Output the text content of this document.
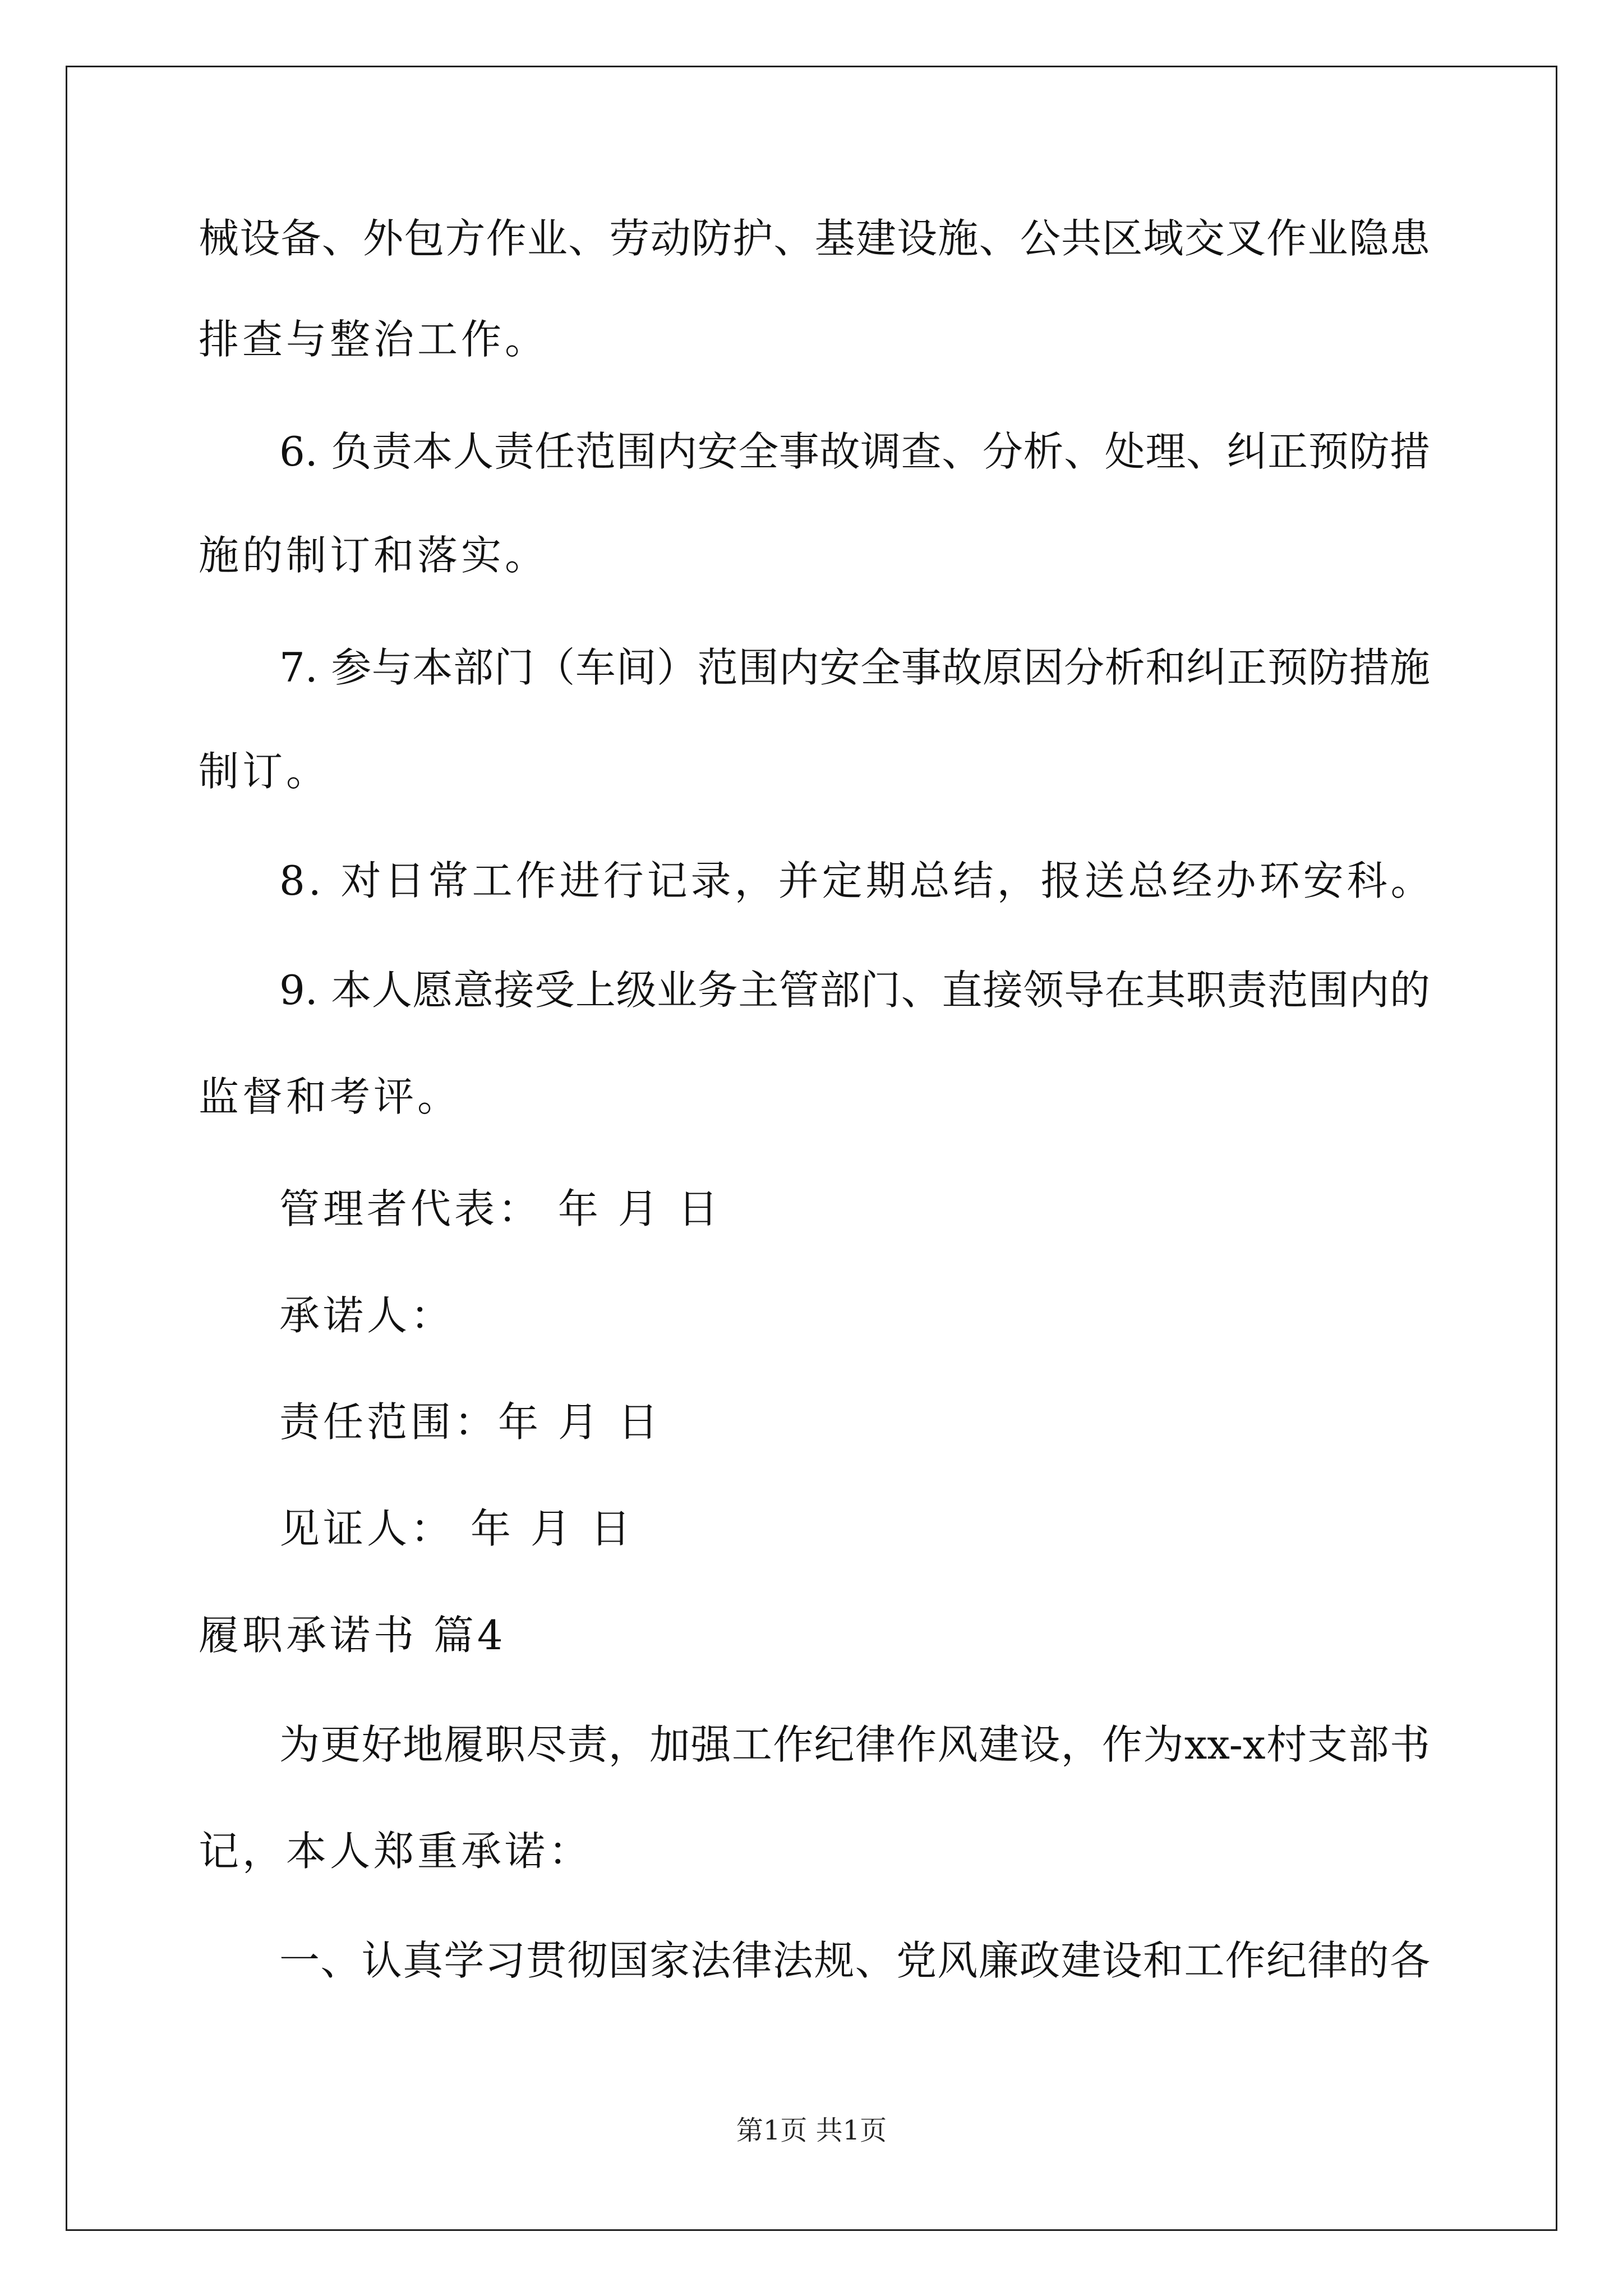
械设备、外包方作业、劳动防护、基建设施、公共区域交叉作业隐患
排查与整治工作。
6. 负责本人责任范围内安全事故调查、分析、处理、纠正预防措
施的制订和落实。
7. 参与本部门（车间）范围内安全事故原因分析和纠正预防措施
制订。
8. 对日常工作进行记录，并定期总结，报送总经办环安科。
9. 本人愿意接受上级业务主管部门、直接领导在其职责范围内的
监督和考评。
管理者代表： 年 月 日
承诺人：
责任范围：年 月 日
见证人： 年 月 日
履职承诺书 篇4
为更好地履职尽责，加强工作纪律作风建设，作为xx-x村支部书
记，本人郑重承诺：
一、认真学习贯彻国家法律法规、党风廉政建设和工作纪律的各
第1页 共1页
